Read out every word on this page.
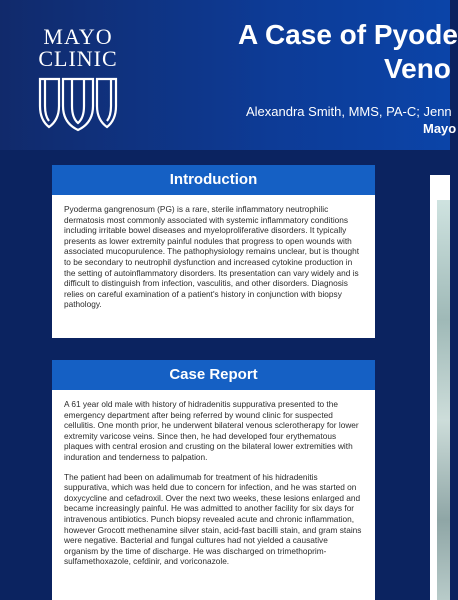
MAYO
CLINIC
A Case of Pyode
Veno
Alexandra Smith, MMS, PA-C; Jenn
Mayo
Introduction

Pyoderma gangrenosum (PG) is a rare, sterile inflammatory neutrophilic dermatosis most commonly associated with systemic inflammatory conditions including irritable bowel diseases and myeloproliferative disorders. It typically presents as lower extremity painful nodules that progress to open wounds with associated mucopurulence. The pathophysiology remains unclear, but is thought to be secondary to neutrophil dysfunction and increased cytokine production in the setting of autoinflammatory disorders. Its presentation can vary widely and is difficult to distinguish from infection, vasculitis, and other disorders. Diagnosis relies on careful examination of a patient's history in conjunction with biopsy pathology.

Case Report

A 61 year old male with history of hidradenitis suppurativa presented to the emergency department after being referred by wound clinic for suspected cellulitis. One month prior, he underwent bilateral venous sclerotherapy for lower extremity varicose veins. Since then, he had developed four erythematous plaques with central erosion and crusting on the bilateral lower extremities with induration and tenderness to palpation.

The patient had been on adalimumab for treatment of his hidradenitis suppurativa, which was held due to concern for infection, and he was started on doxycycline and cefadroxil. Over the next two weeks, these lesions enlarged and became increasingly painful. He was admitted to another facility for six days for intravenous antibiotics. Punch biopsy revealed acute and chronic inflammation, however Grocott methenamine silver stain, acid-fast bacilli stain, and gram stains were negative. Bacterial and fungal cultures had not yielded a causative organism by the time of discharge. He was discharged on trimethoprim-sulfamethoxazole, cefdinir, and voriconazole.
